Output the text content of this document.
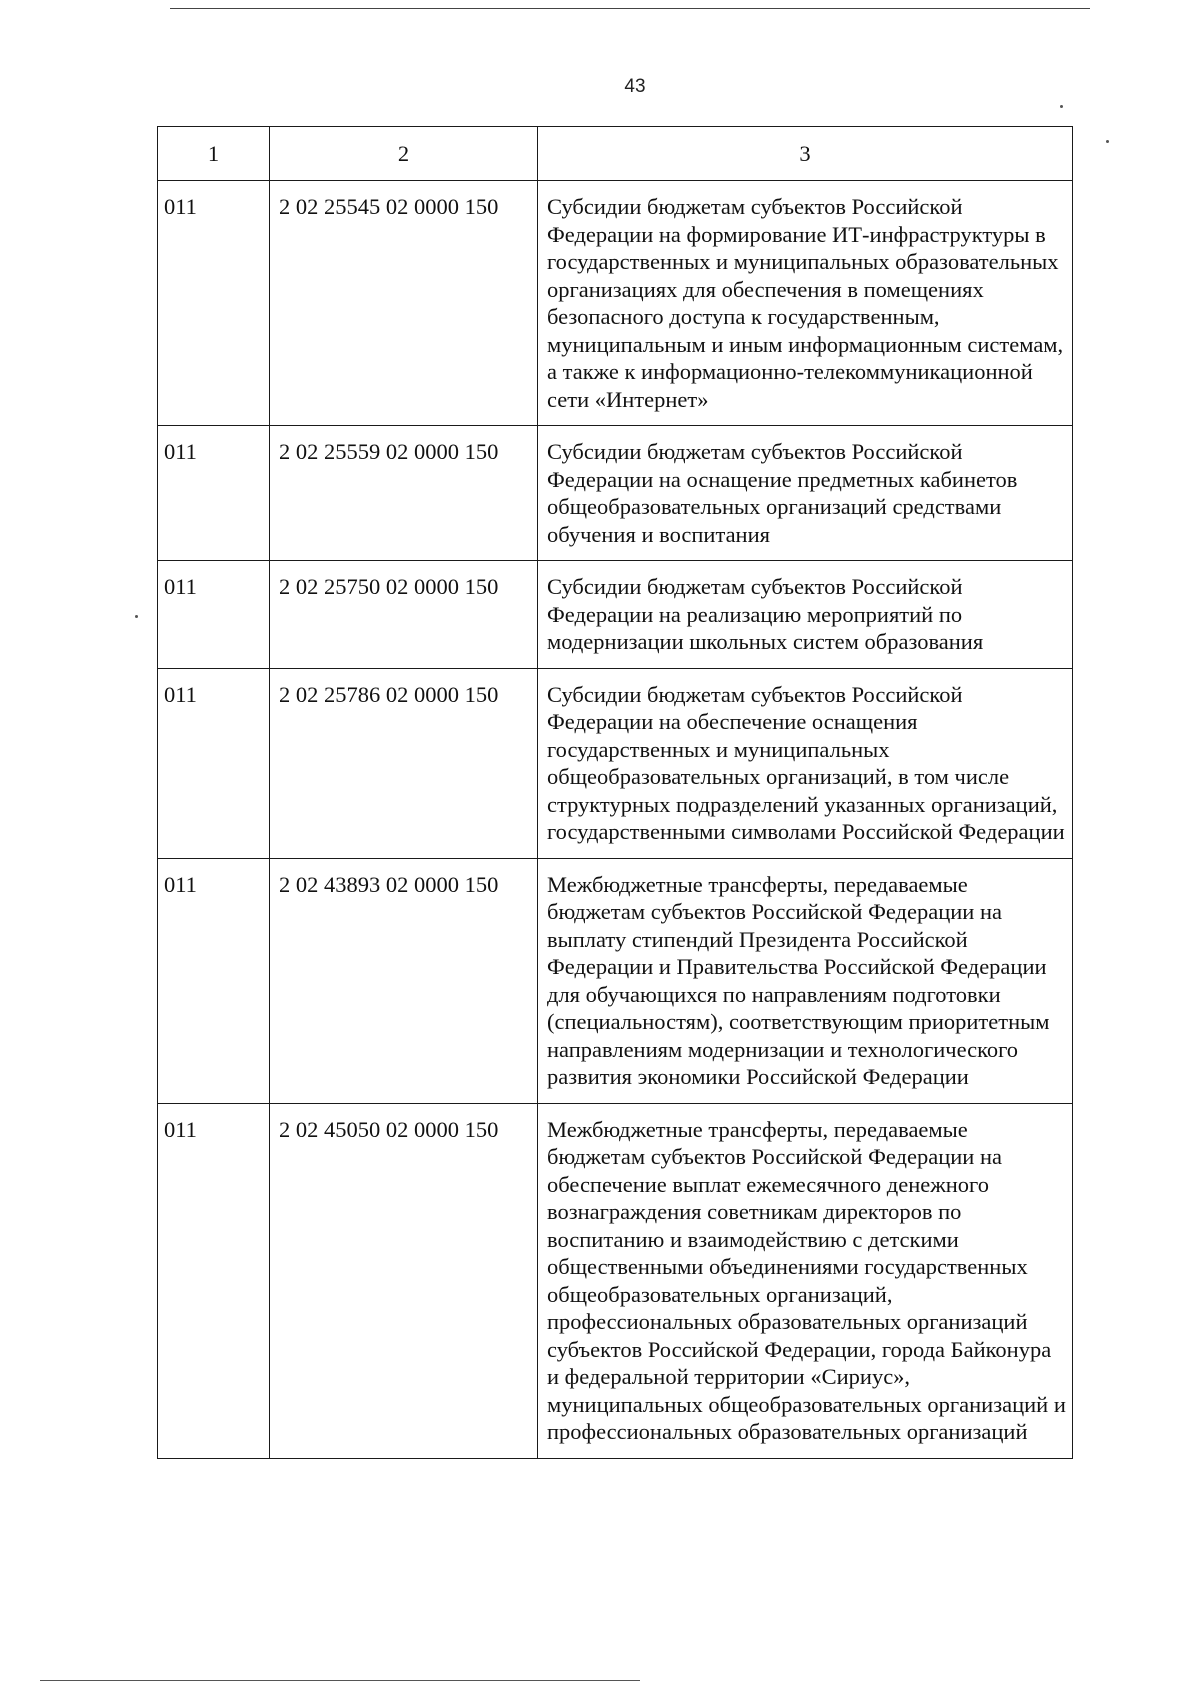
43
1	2	3
011	2 02 25545 02 0000 150	Субсидии бюджетам субъектов Российской Федерации на формирование ИТ-инфраструктуры в государственных и муниципальных образовательных организациях для обеспечения в помещениях безопасного доступа к государственным, муниципальным и иным информационным системам, а также к информационно-телекоммуникационной сети «Интернет»
011	2 02 25559 02 0000 150	Субсидии бюджетам субъектов Российской Федерации на оснащение предметных кабинетов общеобразовательных организаций средствами обучения и воспитания
011	2 02 25750 02 0000 150	Субсидии бюджетам субъектов Российской Федерации на реализацию мероприятий по модернизации школьных систем образования
011	2 02 25786 02 0000 150	Субсидии бюджетам субъектов Российской Федерации на обеспечение оснащения государственных и муниципальных общеобразовательных организаций, в том числе структурных подразделений указанных организаций, государственными символами Российской Федерации
011	2 02 43893 02 0000 150	Межбюджетные трансферты, передаваемые бюджетам субъектов Российской Федерации на выплату стипендий Президента Российской Федерации и Правительства Российской Федерации для обучающихся по направлениям подготовки (специальностям), соответствующим приоритетным направлениям модернизации и технологического развития экономики Российской Федерации
011	2 02 45050 02 0000 150	Межбюджетные трансферты, передаваемые бюджетам субъектов Российской Федерации на обеспечение выплат ежемесячного денежного вознаграждения советникам директоров по воспитанию и взаимодействию с детскими общественными объединениями государственных общеобразовательных организаций, профессиональных образовательных организаций субъектов Российской Федерации, города Байконура и федеральной территории «Сириус», муниципальных общеобразовательных организаций и профессиональных образовательных организаций
